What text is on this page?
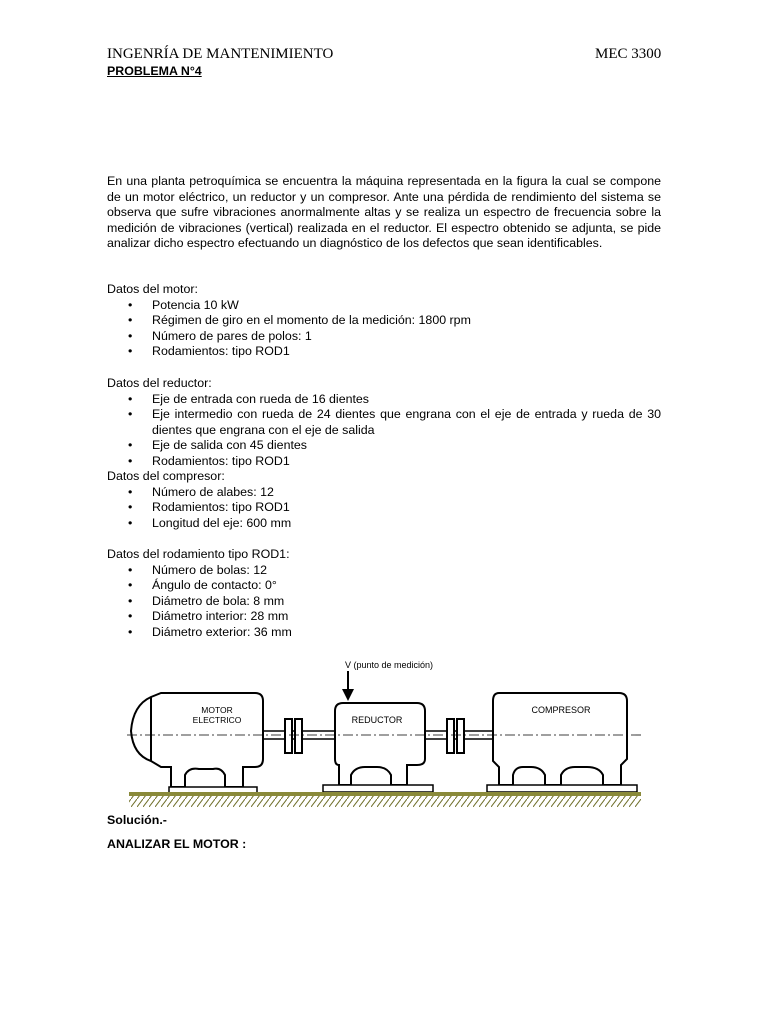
INGENRÍA DE MANTENIMIENTO	MEC 3300
PROBLEMA N°4

En una planta petroquímica se encuentra la máquina representada en la figura la cual se compone de un motor eléctrico, un reductor y un compresor. Ante una pérdida de rendimiento del sistema se observa que sufre vibraciones anormalmente altas y se realiza un espectro de frecuencia sobre la medición de vibraciones (vertical) realizada en el reductor. El espectro obtenido se adjunta, se pide analizar dicho espectro efectuando un diagnóstico de los defectos que sean identificables.

Datos del motor:
• Potencia 10 kW
• Régimen de giro en el momento de la medición: 1800 rpm
• Número de pares de polos: 1
• Rodamientos: tipo ROD1
Datos del reductor:
• Eje de entrada con rueda de 16 dientes
• Eje intermedio con rueda de 24 dientes que engrana con el eje de entrada y rueda de 30 dientes que engrana con el eje de salida
• Eje de salida con 45 dientes
• Rodamientos: tipo ROD1
Datos del compresor:
• Número de alabes: 12
• Rodamientos: tipo ROD1
• Longitud del eje: 600 mm
Datos del rodamiento tipo ROD1:
• Número de bolas: 12
• Ángulo de contacto: 0°
• Diámetro de bola: 8 mm
• Diámetro interior: 28 mm
• Diámetro exterior: 36 mm
V (punto de medición)
MOTOR
ELECTRICO	REDUCTOR
COMPRESOR
Solución.-
ANALIZAR EL MOTOR :
